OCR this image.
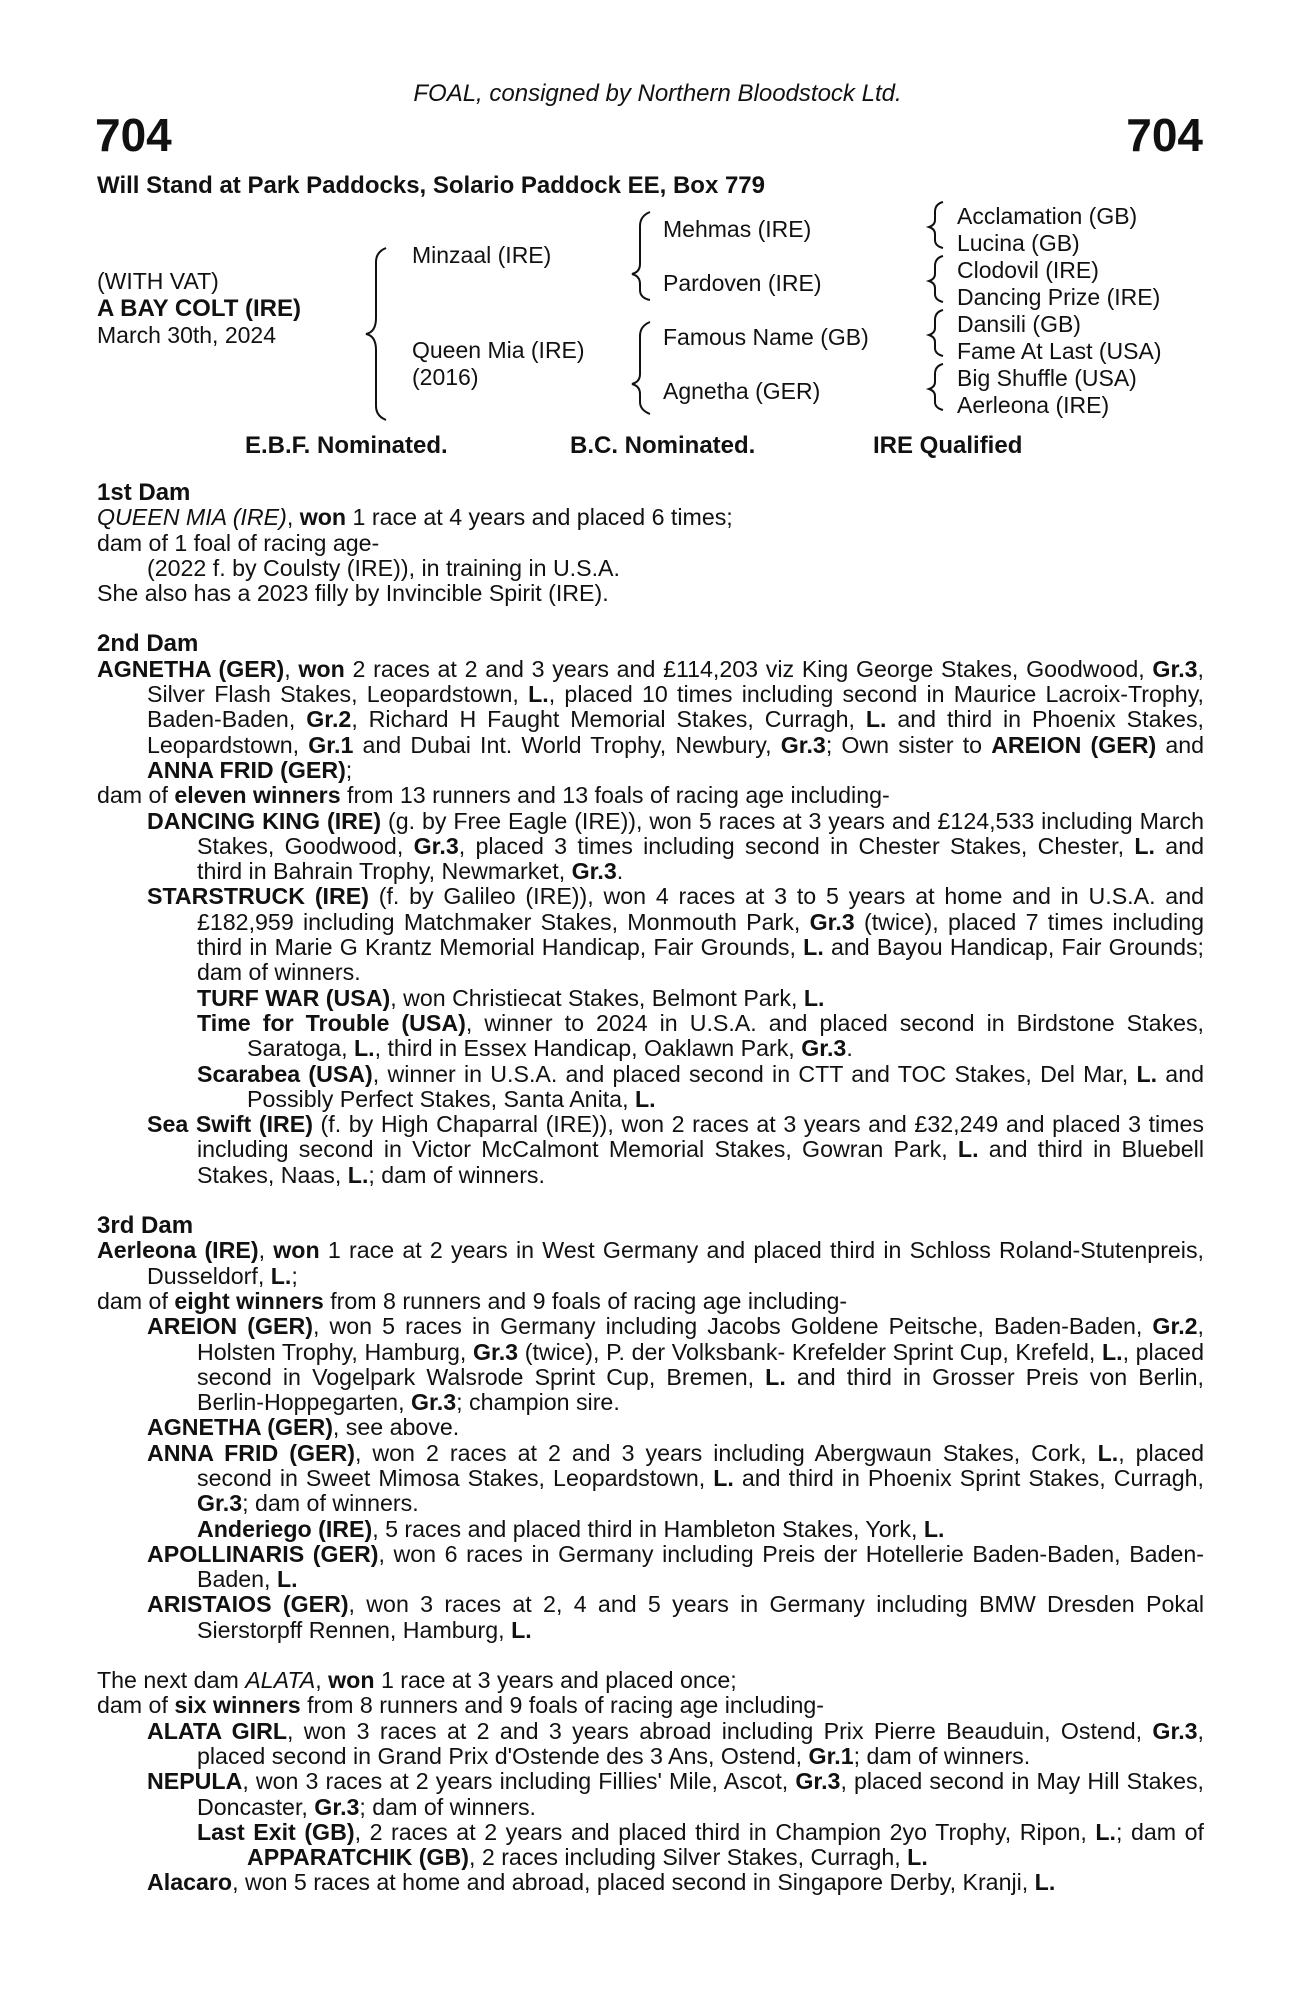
FOAL, consigned by Northern Bloodstock Ltd.
704	704
Will Stand at Park Paddocks, Solario Paddock EE, Box 779
(WITH VAT)
A BAY COLT (IRE)
March 30th, 2024
Minzaal (IRE)
Queen Mia (IRE)
(2016)
Mehmas (IRE)
Pardoven (IRE)
Famous Name (GB)
Agnetha (GER)
Acclamation (GB)
Lucina (GB)
Clodovil (IRE)
Dancing Prize (IRE)
Dansili (GB)
Fame At Last (USA)
Big Shuffle (USA)
Aerleona (IRE)
E.B.F. Nominated.	B.C. Nominated.	IRE Qualified
1st Dam
QUEEN MIA (IRE), won 1 race at 4 years and placed 6 times;
dam of 1 foal of racing age-
(2022 f. by Coulsty (IRE)), in training in U.S.A.
She also has a 2023 filly by Invincible Spirit (IRE).
2nd Dam
AGNETHA (GER), won 2 races at 2 and 3 years and £114,203 viz King George Stakes, Goodwood, Gr.3, Silver Flash Stakes, Leopardstown, L., placed 10 times including second in Maurice Lacroix-Trophy, Baden-Baden, Gr.2, Richard H Faught Memorial Stakes, Curragh, L. and third in Phoenix Stakes, Leopardstown, Gr.1 and Dubai Int. World Trophy, Newbury, Gr.3; Own sister to AREION (GER) and ANNA FRID (GER);
dam of eleven winners from 13 runners and 13 foals of racing age including-
DANCING KING (IRE) (g. by Free Eagle (IRE)), won 5 races at 3 years and £124,533 including March Stakes, Goodwood, Gr.3, placed 3 times including second in Chester Stakes, Chester, L. and third in Bahrain Trophy, Newmarket, Gr.3.
STARSTRUCK (IRE) (f. by Galileo (IRE)), won 4 races at 3 to 5 years at home and in U.S.A. and £182,959 including Matchmaker Stakes, Monmouth Park, Gr.3 (twice), placed 7 times including third in Marie G Krantz Memorial Handicap, Fair Grounds, L. and Bayou Handicap, Fair Grounds; dam of winners.
TURF WAR (USA), won Christiecat Stakes, Belmont Park, L.
Time for Trouble (USA), winner to 2024 in U.S.A. and placed second in Birdstone Stakes, Saratoga, L., third in Essex Handicap, Oaklawn Park, Gr.3.
Scarabea (USA), winner in U.S.A. and placed second in CTT and TOC Stakes, Del Mar, L. and Possibly Perfect Stakes, Santa Anita, L.
Sea Swift (IRE) (f. by High Chaparral (IRE)), won 2 races at 3 years and £32,249 and placed 3 times including second in Victor McCalmont Memorial Stakes, Gowran Park, L. and third in Bluebell Stakes, Naas, L.; dam of winners.
3rd Dam
Aerleona (IRE), won 1 race at 2 years in West Germany and placed third in Schloss Roland-Stutenpreis, Dusseldorf, L.;
dam of eight winners from 8 runners and 9 foals of racing age including-
AREION (GER), won 5 races in Germany including Jacobs Goldene Peitsche, Baden-Baden, Gr.2, Holsten Trophy, Hamburg, Gr.3 (twice), P. der Volksbank- Krefelder Sprint Cup, Krefeld, L., placed second in Vogelpark Walsrode Sprint Cup, Bremen, L. and third in Grosser Preis von Berlin, Berlin-Hoppegarten, Gr.3; champion sire.
AGNETHA (GER), see above.
ANNA FRID (GER), won 2 races at 2 and 3 years including Abergwaun Stakes, Cork, L., placed second in Sweet Mimosa Stakes, Leopardstown, L. and third in Phoenix Sprint Stakes, Curragh, Gr.3; dam of winners.
Anderiego (IRE), 5 races and placed third in Hambleton Stakes, York, L.
APOLLINARIS (GER), won 6 races in Germany including Preis der Hotellerie Baden-Baden, Baden-Baden, L.
ARISTAIOS (GER), won 3 races at 2, 4 and 5 years in Germany including BMW Dresden Pokal Sierstorpff Rennen, Hamburg, L.
The next dam ALATA, won 1 race at 3 years and placed once;
dam of six winners from 8 runners and 9 foals of racing age including-
ALATA GIRL, won 3 races at 2 and 3 years abroad including Prix Pierre Beauduin, Ostend, Gr.3, placed second in Grand Prix d'Ostende des 3 Ans, Ostend, Gr.1; dam of winners.
NEPULA, won 3 races at 2 years including Fillies' Mile, Ascot, Gr.3, placed second in May Hill Stakes, Doncaster, Gr.3; dam of winners.
Last Exit (GB), 2 races at 2 years and placed third in Champion 2yo Trophy, Ripon, L.; dam of APPARATCHIK (GB), 2 races including Silver Stakes, Curragh, L.
Alacaro, won 5 races at home and abroad, placed second in Singapore Derby, Kranji, L.
